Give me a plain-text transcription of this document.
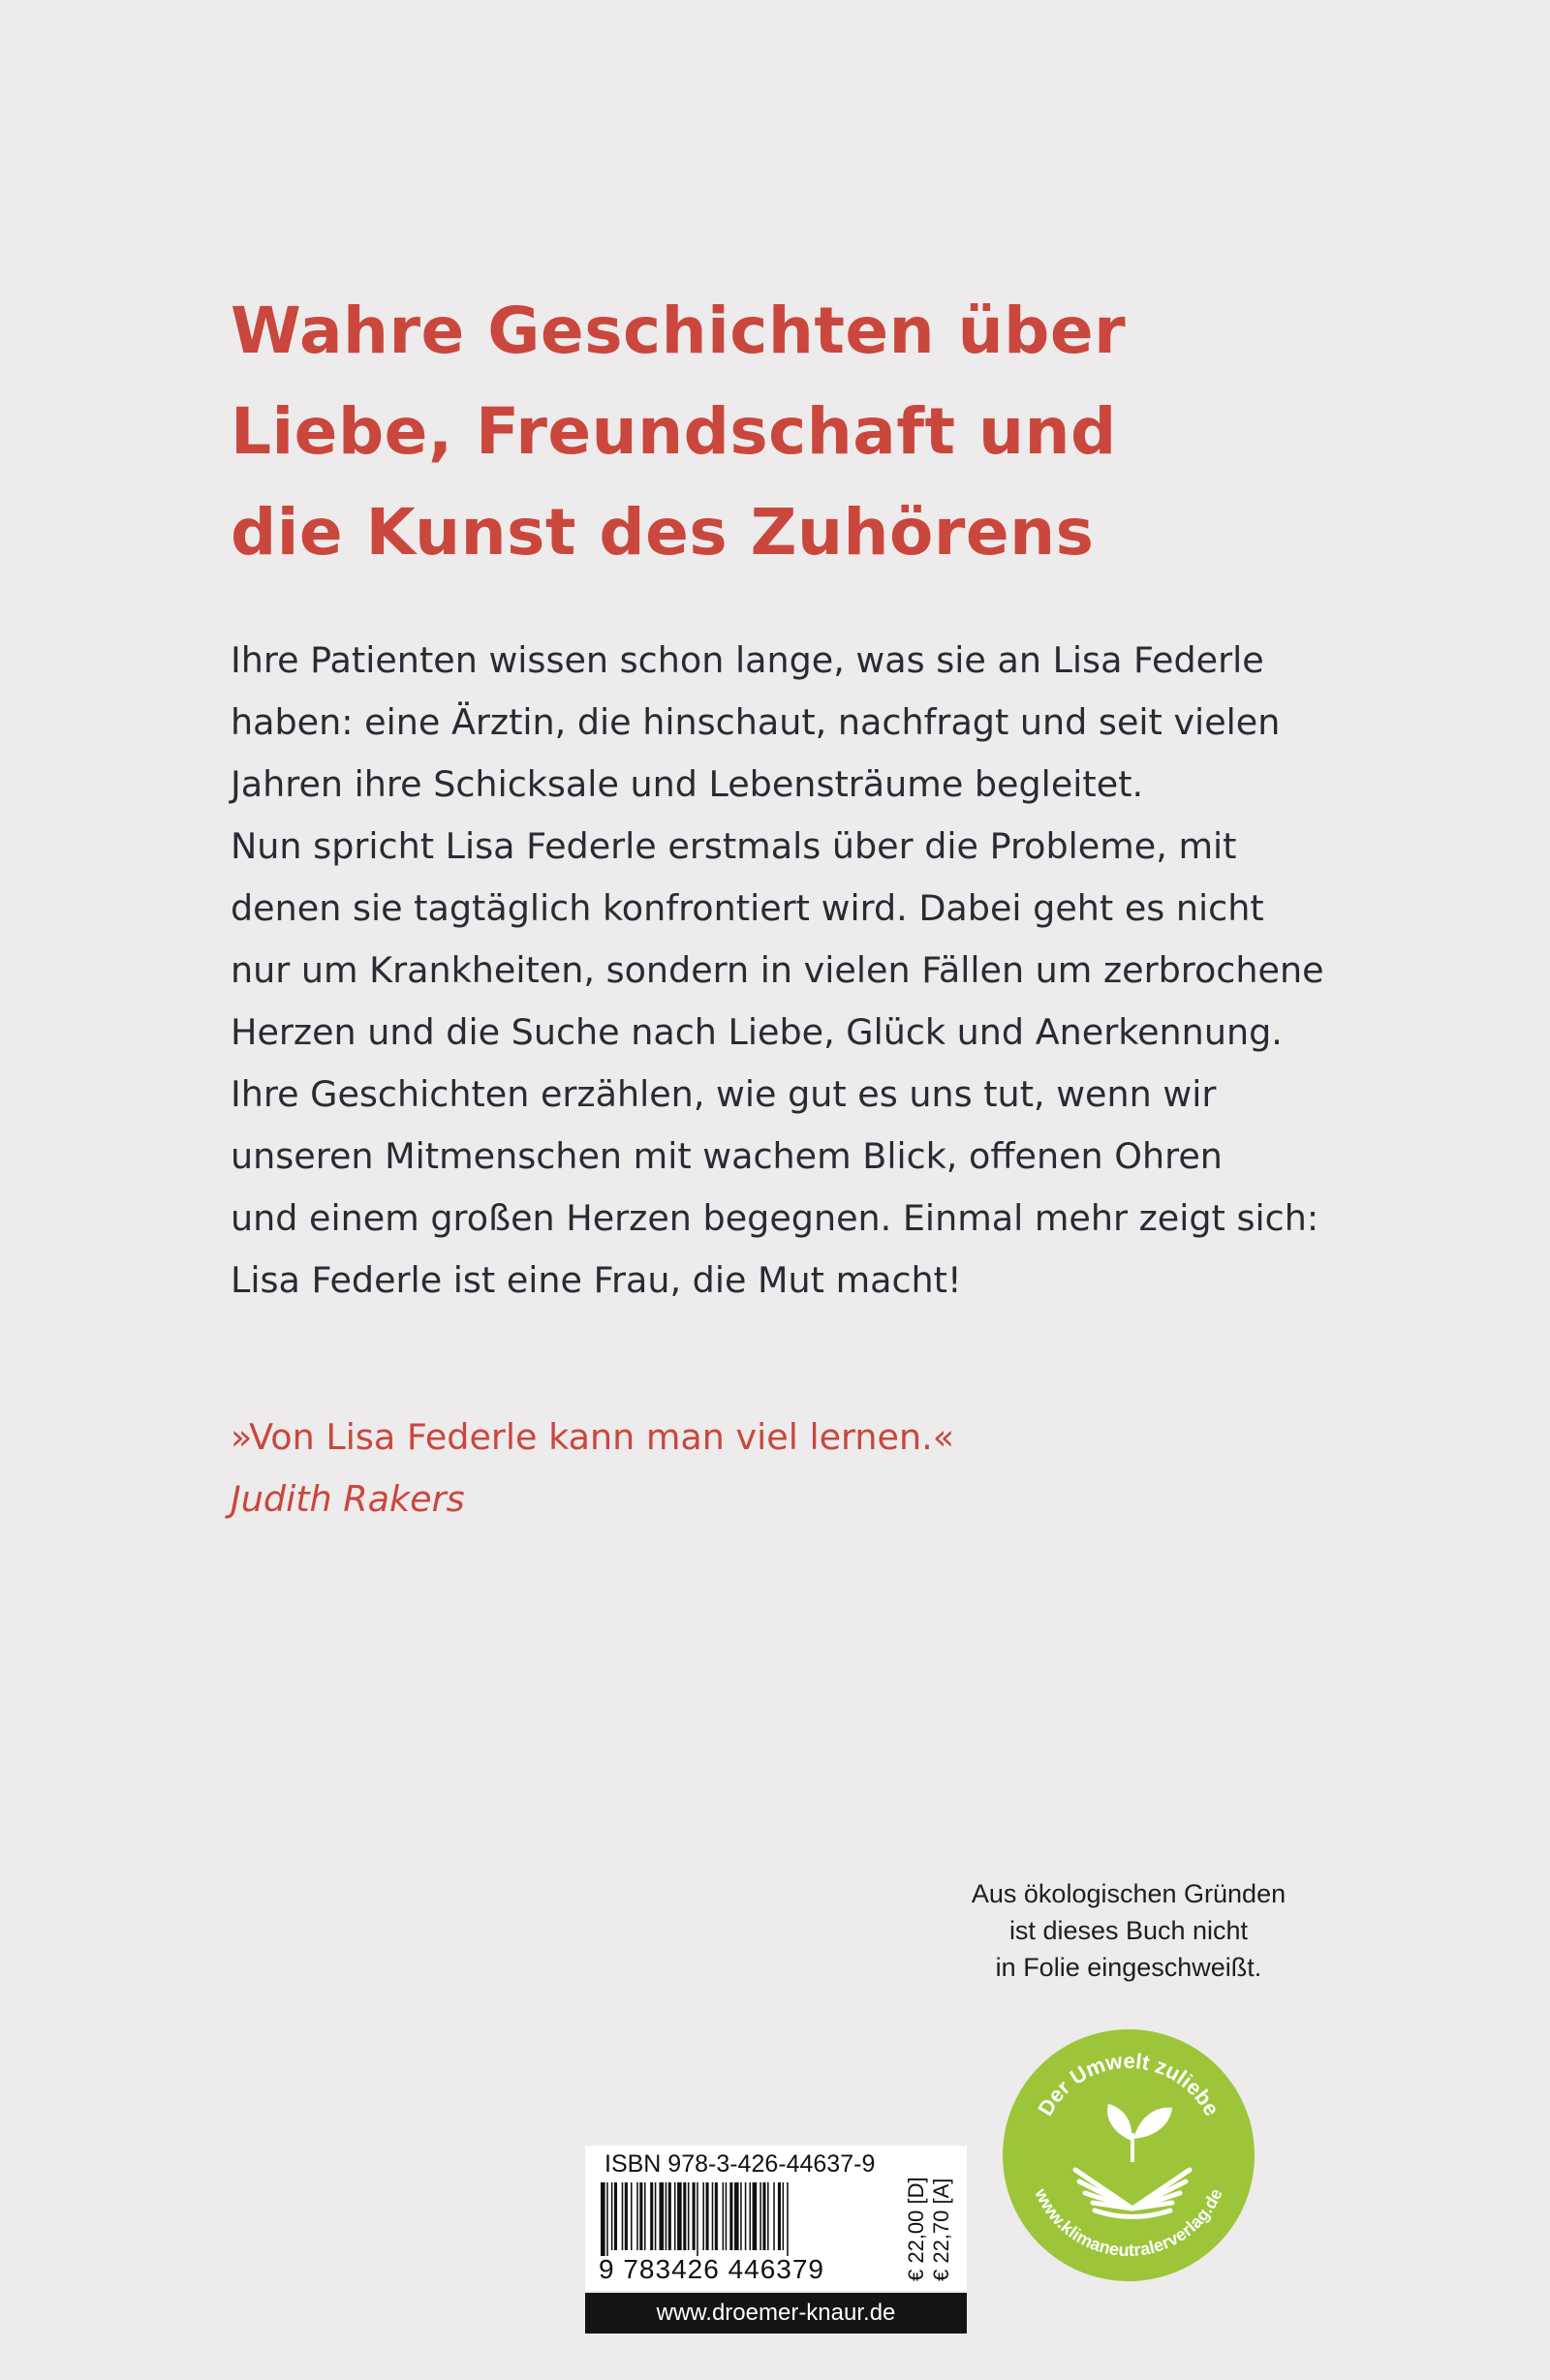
Wahre Geschichten über
Liebe, Freundschaft und
die Kunst des Zuhörens
Ihre Patienten wissen schon lange, was sie an Lisa Federle
haben: eine Ärztin, die hinschaut, nachfragt und seit vielen
Jahren ihre Schicksale und Lebensträume begleitet.
Nun spricht Lisa Federle erstmals über die Probleme, mit
denen sie tagtäglich konfrontiert wird. Dabei geht es nicht
nur um Krankheiten, sondern in vielen Fällen um zerbrochene
Herzen und die Suche nach Liebe, Glück und Anerkennung.
Ihre Geschichten erzählen, wie gut es uns tut, wenn wir
unseren Mitmenschen mit wachem Blick, offenen Ohren
und einem großen Herzen begegnen. Einmal mehr zeigt sich:
Lisa Federle ist eine Frau, die Mut macht!
»Von Lisa Federle kann man viel lernen.«
Judith Rakers
Aus ökologischen Gründen
ist dieses Buch nicht
in Folie eingeschweißt.
Der Umwelt zuliebe
www.klimaneutralerverlag.de
ISBN 978-3-426-44637-9
9 783426 446379	€ 22,00 [D] € 22,70 [A]
www.droemer-knaur.de
